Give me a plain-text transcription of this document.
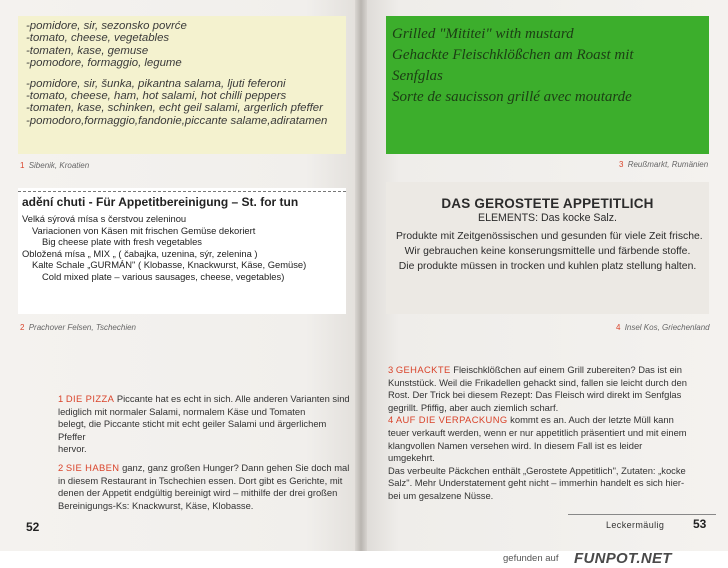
-pomidore, sir, sezonsko povrće
-tomato, cheese, vegetables
-tomaten, kase, gemuse
-pomodore, formaggio, legume
-pomidore, sir, šunka, pikantna salamа, ljuti feferoni
-tomato, cheese, ham, hot salami, hot chilli peppers
-tomaten, kase, schinken, echt geil salami, argerlich pfeffer
-pomodoro,formaggio,fandonie,piccante salame,adiratamen
1 Sibenik, Kroatien
adění chuti - Für Appetitbereinigung – St. for tun
Velká sýrová mísa s čerstvou zeleninou
Variacionen von Käsen mit frischen Gemüse dekoriert
Big cheese plate with fresh vegetables
Obložená mísa „ MIX „ ( čabajka, uzenina, sýr, zelenina )
Kalte Schale „GURMÁN" ( Klobasse, Knackwurst, Käse, Gemüse)
Cold mixed plate – various sausages, cheese, vegetables)
2 Prachover Felsen, Tschechien
Grilled "Mititei" with mustard
Gehackte Fleischklößchen am Roast mit
Senfglas
Sorte de saucisson grillé avec moutarde
3 Reußmarkt, Rumänien
DAS GEROSTETE APPETITLICH
ELEMENTS: Das kocke Salz.
Produkte mit Zeitgenössischen und gesunden für viele Zeit frische.
Wir gebrauchen keine konserungsmittelle und färbende stoffe.
Die produkte müssen in trocken und kuhlen platz stellung halten.
4 Insel Kos, Griechenland
1 DIE PIZZA Piccante hat es echt in sich. Alle anderen Varianten sind
lediglich mit normaler Salami, normalem Käse und Tomaten
belegt, die Piccante sticht mit echt geiler Salami und ärgerlichem Pfeffer
hervor.
2 SIE HABEN ganz, ganz großen Hunger? Dann gehen Sie doch mal
in diesem Restaurant in Tschechien essen. Dort gibt es Gerichte, mit
denen der Appetit endgültig bereinigt wird – mithilfe der drei großen
Bereinigungs-Ks: Knackwurst, Käse, Klobasse.
3 GEHACKTE Fleischklößchen auf einem Grill zubereiten? Das ist ein
Kunststück. Weil die Frikadellen gehackt sind, fallen sie leicht durch den
Rost. Der Trick bei diesem Rezept: Das Fleisch wird direkt im Senfglas
gegrillt. Pfiffig, aber auch ziemlich scharf.
4 AUF DIE VERPACKUNG kommt es an. Auch der letzte Müll kann
teuer verkauft werden, wenn er nur appetitlich präsentiert und mit einem
klangvollen Namen versehen wird. In diesem Fall ist es leider umgekehrt.
Das verbeulte Päckchen enthält „Gerostete Appetitlich", Zutaten: „kocke
Salz". Mehr Understatement geht nicht – immerhin handelt es sich hier-
bei um gesalzene Nüsse.
52	Leckermäulig 53
gefunden auf FUNPOT.NET
